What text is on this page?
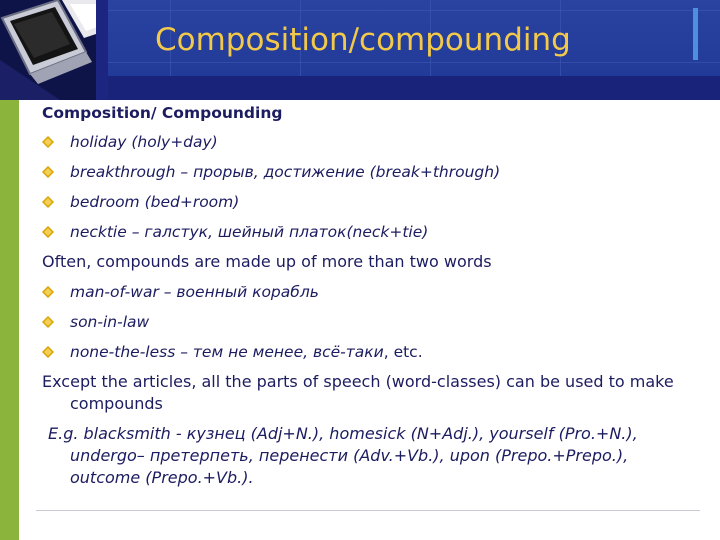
Composition/compounding

Composition/ Compounding

holiday (holy+day)
breakthrough – прорыв, достижение (break+through)
bedroom (bed+room)
necktie – галстук, шейный платок(neck+tie)

Often, compounds are made up of more than two words

man-of-war – военный корабль
son-in-law
none-the-less – тем не менее, всё-таки, etc.

Except the articles, all the parts of speech (word-classes) can be used to make compounds

E.g. blacksmith - кузнец (Adj+N.), homesick (N+Adj.), yourself (Pro.+N.), undergo– претерпеть, перенести (Adv.+Vb.), upon (Prepo.+Prepo.), outcome (Prepo.+Vb.).
